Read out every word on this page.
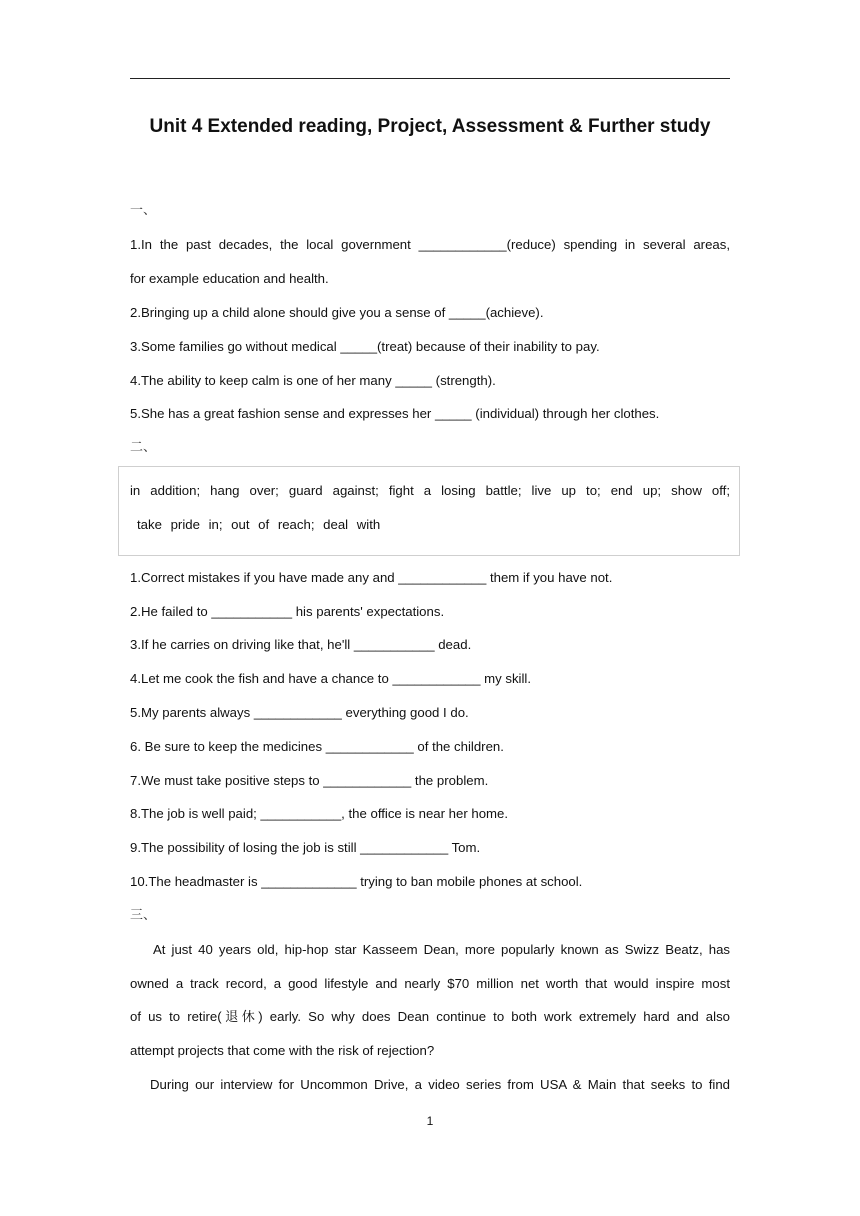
Unit 4 Extended reading, Project, Assessment & Further study
一、
1.In the past decades, the local government ____________(reduce) spending in several areas,
for example education and health.
2.Bringing up a child alone should give you a sense of _____(achieve).
3.Some families go without medical _____(treat) because of their inability to pay.
4.The ability to keep calm is one of her many _____ (strength).
5.She has a great fashion sense and expresses her _____ (individual) through her clothes.
二、
in addition; hang over; guard against; fight a losing battle; live up to; end up; show off;
take pride in; out of reach; deal with
1.Correct mistakes if you have made any and ____________ them if you have not.
2.He failed to ___________ his parents' expectations.
3.If he carries on driving like that, he'll ___________ dead.
4.Let me cook the fish and have a chance to ____________ my skill.
5.My parents always ____________ everything good I do.
6. Be sure to keep the medicines ____________ of the children.
7.We must take positive steps to ____________ the problem.
8.The job is well paid; ___________, the office is near her home.
9.The possibility of losing the job is still ____________ Tom.
10.The headmaster is _____________ trying to ban mobile phones at school.
三、
At just 40 years old, hip-hop star Kasseem Dean, more popularly known as Swizz Beatz, has
owned a track record, a good lifestyle and nearly $70 million net worth that would inspire most
of us to retire(退休) early. So why does Dean continue to both work extremely hard and also
attempt projects that come with the risk of rejection?
During our interview for Uncommon Drive, a video series from USA & Main that seeks to find
1
